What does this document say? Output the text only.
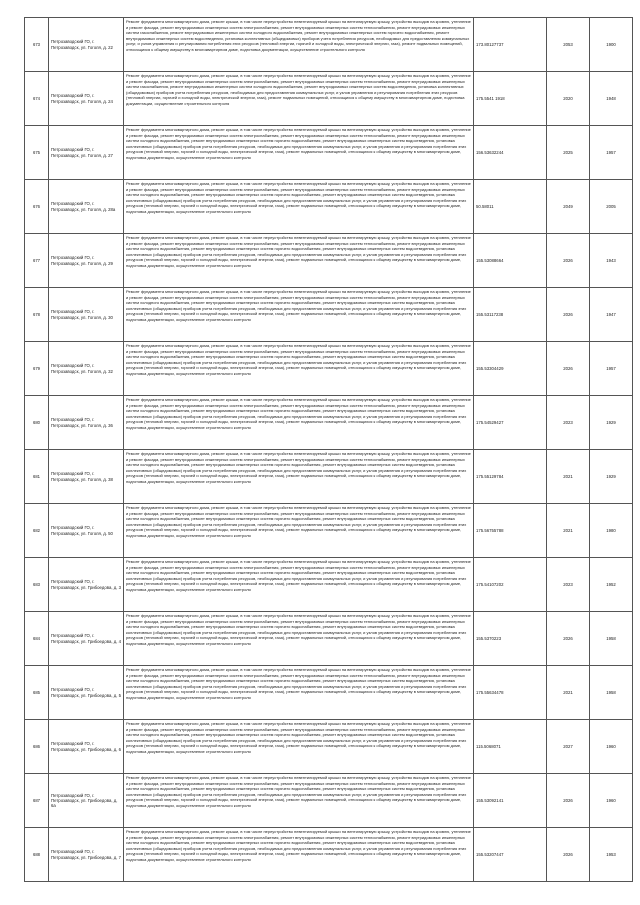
673	Петрозаводский ГО, г. Петрозаводск, ул. Гоголя, д. 22	Ремонт фундамента многоквартирного дома, ремонт крыши, в том числе переустройство невентилируемой крыши на вентилируемую крышу, устройство выходов на кровлю, утепление и ремонт фасада, ремонт внутридомовых инженерных систем электроснабжения, ремонт внутридомовых инженерных систем теплоснабжения, ремонт внутридомовых инженерных систем газоснабжения, ремонт внутридомовых инженерных систем холодного водоснабжения, ремонт внутридомовых инженерных систем горячего водоснабжения, ремонт внутридомовых инженерных систем водоотведения, установка коллективных (общедомовых) приборов учета потребления ресурсов, необходимых для предоставления коммунальных услуг, и узлов управления и регулирования потребления этих ресурсов (тепловой энергии, горячей и холодной воды, электрической энергии, газа), ремонт подвальных помещений, относящихся к общему имуществу в многоквартирном доме, подготовка документации, осуществление строительного контроля	173.80127737	2053	1900
674	Петрозаводский ГО, г. Петрозаводск, ул. Гоголя, д. 24	Ремонт фундамента многоквартирного дома, ремонт крыши, в том числе переустройство невентилируемой крыши на вентилируемую крышу, устройство выходов на кровлю, утепление и ремонт фасада, ремонт внутридомовых инженерных систем электроснабжения, ремонт внутридомовых инженерных систем теплоснабжения, ремонт внутридомовых инженерных систем газоснабжения, ремонт внутридомовых инженерных систем холодного водоснабжения, ремонт внутридомовых инженерных систем водоотведения, установка коллективных (общедомовых) приборов учета потребления ресурсов, необходимых для предоставления коммунальных услуг, и узлов управления и регулирования потребления этих ресурсов (тепловой энергии, горячей и холодной воды, электрической энергии, газа), ремонт подвальных помещений, относящихся к общему имуществу в многоквартирном доме, подготовка документации, осуществление строительного контроля	175.5541 1918	2020	1948
675	Петрозаводский ГО, г. Петрозаводск, ул. Гоголя, д. 27	Ремонт фундамента многоквартирного дома, ремонт крыши, в том числе переустройство невентилируемой крыши на вентилируемую крышу, устройство выходов на кровлю, утепление и ремонт фасада, ремонт внутридомовых инженерных систем электроснабжения, ремонт внутридомовых инженерных систем теплоснабжения, ремонт внутридомовых инженерных систем холодного водоснабжения, ремонт внутридомовых инженерных систем горячего водоснабжения, ремонт внутридомовых инженерных систем водоотведения, установка коллективных (общедомовых) приборов учета потребления ресурсов, необходимых для предоставления коммунальных услуг, и узлов управления и регулирования потребления этих ресурсов (тепловой энергии, горячей и холодной воды, электрической энергии, газа), ремонт подвальных помещений, относящихся к общему имуществу в многоквартирном доме, подготовка документации, осуществление строительного контроля	156.53632244	2025	1957
676	Петрозаводский ГО, г. Петрозаводск, ул. Гоголя, д. 28а	Ремонт фундамента многоквартирного дома, ремонт крыши, в том числе переустройство невентилируемой крыши на вентилируемую крышу, устройство выходов на кровлю, утепление и ремонт фасада, ремонт внутридомовых инженерных систем электроснабжения, ремонт внутридомовых инженерных систем теплоснабжения, ремонт внутридомовых инженерных систем холодного водоснабжения, ремонт внутридомовых инженерных систем горячего водоснабжения, ремонт внутридомовых инженерных систем водоотведения, установка коллективных (общедомовых) приборов учета потребления ресурсов, необходимых для предоставления коммунальных услуг, и узлов управления и регулирования потребления этих ресурсов (тепловой энергии, горячей и холодной воды, электрической энергии, газа), ремонт подвальных помещений, относящихся к общему имуществу в многоквартирном доме, подготовка документации, осуществление строительного контроля	50.58011	2049	2005
677	Петрозаводский ГО, г. Петрозаводск, ул. Гоголя, д. 29	Ремонт фундамента многоквартирного дома, ремонт крыши, в том числе переустройство невентилируемой крыши на вентилируемую крышу, устройство выходов на кровлю, утепление и ремонт фасада, ремонт внутридомовых инженерных систем электроснабжения, ремонт внутридомовых инженерных систем теплоснабжения, ремонт внутридомовых инженерных систем холодного водоснабжения, ремонт внутридомовых инженерных систем горячего водоснабжения, ремонт внутридомовых инженерных систем водоотведения, установка коллективных (общедомовых) приборов учета потребления ресурсов, необходимых для предоставления коммунальных услуг, и узлов управления и регулирования потребления этих ресурсов (тепловой энергии, горячей и холодной воды, электрической энергии, газа), ремонт подвальных помещений, относящихся к общему имуществу в многоквартирном доме, подготовка документации, осуществление строительного контроля	155.53088664	2026	1943
678	Петрозаводский ГО, г. Петрозаводск, ул. Гоголя, д. 30	Ремонт фундамента многоквартирного дома, ремонт крыши, в том числе переустройство невентилируемой крыши на вентилируемую крышу, устройство выходов на кровлю, утепление и ремонт фасада, ремонт внутридомовых инженерных систем электроснабжения, ремонт внутридомовых инженерных систем теплоснабжения, ремонт внутридомовых инженерных систем холодного водоснабжения, ремонт внутридомовых инженерных систем горячего водоснабжения, ремонт внутридомовых инженерных систем водоотведения, установка коллективных (общедомовых) приборов учета потребления ресурсов, необходимых для предоставления коммунальных услуг, и узлов управления и регулирования потребления этих ресурсов (тепловой энергии, горячей и холодной воды, электрической энергии, газа), ремонт подвальных помещений, относящихся к общему имуществу в многоквартирном доме, подготовка документации, осуществление строительного контроля	155.53117238	2026	1947
679	Петрозаводский ГО, г. Петрозаводск, ул. Гоголя, д. 32	Ремонт фундамента многоквартирного дома, ремонт крыши, в том числе переустройство невентилируемой крыши на вентилируемую крышу, устройство выходов на кровлю, утепление и ремонт фасада, ремонт внутридомовых инженерных систем электроснабжения, ремонт внутридомовых инженерных систем теплоснабжения, ремонт внутридомовых инженерных систем холодного водоснабжения, ремонт внутридомовых инженерных систем горячего водоснабжения, ремонт внутридомовых инженерных систем водоотведения, установка коллективных (общедомовых) приборов учета потребления ресурсов, необходимых для предоставления коммунальных услуг, и узлов управления и регулирования потребления этих ресурсов (тепловой энергии, горячей и холодной воды, электрической энергии, газа), ремонт подвальных помещений, относящихся к общему имуществу в многоквартирном доме, подготовка документации, осуществление строительного контроля	155.53304429	2026	1957
680	Петрозаводский ГО, г. Петрозаводск, ул. Гоголя, д. 36	Ремонт фундамента многоквартирного дома, ремонт крыши, в том числе переустройство невентилируемой крыши на вентилируемую крышу, устройство выходов на кровлю, утепление и ремонт фасада, ремонт внутридомовых инженерных систем электроснабжения, ремонт внутридомовых инженерных систем теплоснабжения, ремонт внутридомовых инженерных систем холодного водоснабжения, ремонт внутридомовых инженерных систем горячего водоснабжения, ремонт внутридомовых инженерных систем водоотведения, установка коллективных (общедомовых) приборов учета потребления ресурсов, необходимых для предоставления коммунальных услуг, и узлов управления и регулирования потребления этих ресурсов (тепловой энергии, горячей и холодной воды, электрической энергии, газа), ремонт подвальных помещений, относящихся к общему имуществу в многоквартирном доме, подготовка документации, осуществление строительного контроля	175.54529427	2023	1929
681	Петрозаводский ГО, г. Петрозаводск, ул. Гоголя, д. 38	Ремонт фундамента многоквартирного дома, ремонт крыши, в том числе переустройство невентилируемой крыши на вентилируемую крышу, устройство выходов на кровлю, утепление и ремонт фасада, ремонт внутридомовых инженерных систем электроснабжения, ремонт внутридомовых инженерных систем теплоснабжения, ремонт внутридомовых инженерных систем холодного водоснабжения, ремонт внутридомовых инженерных систем горячего водоснабжения, ремонт внутридомовых инженерных систем водоотведения, установка коллективных (общедомовых) приборов учета потребления ресурсов, необходимых для предоставления коммунальных услуг, и узлов управления и регулирования потребления этих ресурсов (тепловой энергии, горячей и холодной воды, электрической энергии, газа), ремонт подвальных помещений, относящихся к общему имуществу в многоквартирном доме, подготовка документации, осуществление строительного контроля	175.55129784	2021	1929
682	Петрозаводский ГО, г. Петрозаводск, ул. Гоголя, д. 50	Ремонт фундамента многоквартирного дома, ремонт крыши, в том числе переустройство невентилируемой крыши на вентилируемую крышу, устройство выходов на кровлю, утепление и ремонт фасада, ремонт внутридомовых инженерных систем электроснабжения, ремонт внутридомовых инженерных систем теплоснабжения, ремонт внутридомовых инженерных систем холодного водоснабжения, ремонт внутридомовых инженерных систем горячего водоснабжения, ремонт внутридомовых инженерных систем водоотведения, установка коллективных (общедомовых) приборов учета потребления ресурсов, необходимых для предоставления коммунальных услуг, и узлов управления и регулирования потребления этих ресурсов (тепловой энергии, горячей и холодной воды, электрической энергии, газа), ремонт подвальных помещений, относящихся к общему имуществу в многоквартирном доме, подготовка документации, осуществление строительного контроля	175.56755788	2021	1980
683	Петрозаводский ГО, г. Петрозаводск, ул. Грибоедова, д. 3	Ремонт фундамента многоквартирного дома, ремонт крыши, в том числе переустройство невентилируемой крыши на вентилируемую крышу, устройство выходов на кровлю, утепление и ремонт фасада, ремонт внутридомовых инженерных систем электроснабжения, ремонт внутридомовых инженерных систем теплоснабжения, ремонт внутридомовых инженерных систем холодного водоснабжения, ремонт внутридомовых инженерных систем горячего водоснабжения, ремонт внутридомовых инженерных систем водоотведения, установка коллективных (общедомовых) приборов учета потребления ресурсов, необходимых для предоставления коммунальных услуг, и узлов управления и регулирования потребления этих ресурсов (тепловой энергии, горячей и холодной воды, электрической энергии, газа), ремонт подвальных помещений, относящихся к общему имуществу в многоквартирном доме, подготовка документации, осуществление строительного контроля	175.54107202	2023	1952
684	Петрозаводский ГО, г. Петрозаводск, ул. Грибоедова, д. 4	Ремонт фундамента многоквартирного дома, ремонт крыши, в том числе переустройство невентилируемой крыши на вентилируемую крышу, устройство выходов на кровлю, утепление и ремонт фасада, ремонт внутридомовых инженерных систем электроснабжения, ремонт внутридомовых инженерных систем теплоснабжения, ремонт внутридомовых инженерных систем холодного водоснабжения, ремонт внутридомовых инженерных систем горячего водоснабжения, ремонт внутридомовых инженерных систем водоотведения, установка коллективных (общедомовых) приборов учета потребления ресурсов, необходимых для предоставления коммунальных услуг, и узлов управления и регулирования потребления этих ресурсов (тепловой энергии, горячей и холодной воды, электрической энергии, газа), ремонт подвальных помещений, относящихся к общему имуществу в многоквартирном доме, подготовка документации, осуществление строительного контроля	155.5370223	2026	1958
685	Петрозаводский ГО, г. Петрозаводск, ул. Грибоедова, д. 5	Ремонт фундамента многоквартирного дома, ремонт крыши, в том числе переустройство невентилируемой крыши на вентилируемую крышу, устройство выходов на кровлю, утепление и ремонт фасада, ремонт внутридомовых инженерных систем электроснабжения, ремонт внутридомовых инженерных систем теплоснабжения, ремонт внутридомовых инженерных систем холодного водоснабжения, ремонт внутридомовых инженерных систем горячего водоснабжения, ремонт внутридомовых инженерных систем водоотведения, установка коллективных (общедомовых) приборов учета потребления ресурсов, необходимых для предоставления коммунальных услуг, и узлов управления и регулирования потребления этих ресурсов (тепловой энергии, горячей и холодной воды, электрической энергии, газа), ремонт подвальных помещений, относящихся к общему имуществу в многоквартирном доме, подготовка документации, осуществление строительного контроля	175.55634478	2021	1958
686	Петрозаводский ГО, г. Петрозаводск, ул. Грибоедова, д. 6	Ремонт фундамента многоквартирного дома, ремонт крыши, в том числе переустройство невентилируемой крыши на вентилируемую крышу, устройство выходов на кровлю, утепление и ремонт фасада, ремонт внутридомовых инженерных систем электроснабжения, ремонт внутридомовых инженерных систем теплоснабжения, ремонт внутридомовых инженерных систем холодного водоснабжения, ремонт внутридомовых инженерных систем горячего водоснабжения, ремонт внутридомовых инженерных систем водоотведения, установка коллективных (общедомовых) приборов учета потребления ресурсов, необходимых для предоставления коммунальных услуг, и узлов управления и регулирования потребления этих ресурсов (тепловой энергии, горячей и холодной воды, электрической энергии, газа), ремонт подвальных помещений, относящихся к общему имуществу в многоквартирном доме, подготовка документации, осуществление строительного контроля	115.5068071	2027	1960
687	Петрозаводский ГО, г. Петрозаводск, ул. Грибоедова, д. 6а	Ремонт фундамента многоквартирного дома, ремонт крыши, в том числе переустройство невентилируемой крыши на вентилируемую крышу, устройство выходов на кровлю, утепление и ремонт фасада, ремонт внутридомовых инженерных систем электроснабжения, ремонт внутридомовых инженерных систем теплоснабжения, ремонт внутридомовых инженерных систем холодного водоснабжения, ремонт внутридомовых инженерных систем горячего водоснабжения, ремонт внутридомовых инженерных систем водоотведения, установка коллективных (общедомовых) приборов учета потребления ресурсов, необходимых для предоставления коммунальных услуг, и узлов управления и регулирования потребления этих ресурсов (тепловой энергии, горячей и холодной воды, электрической энергии, газа), ремонт подвальных помещений, относящихся к общему имуществу в многоквартирном доме, подготовка документации, осуществление строительного контроля	155.53092141	2026	1960
688	Петрозаводский ГО, г. Петрозаводск, ул. Грибоедова, д. 7	Ремонт фундамента многоквартирного дома, ремонт крыши, в том числе переустройство невентилируемой крыши на вентилируемую крышу, устройство выходов на кровлю, утепление и ремонт фасада, ремонт внутридомовых инженерных систем электроснабжения, ремонт внутридомовых инженерных систем теплоснабжения, ремонт внутридомовых инженерных систем холодного водоснабжения, ремонт внутридомовых инженерных систем горячего водоснабжения, ремонт внутридомовых инженерных систем водоотведения, установка коллективных (общедомовых) приборов учета потребления ресурсов, необходимых для предоставления коммунальных услуг, и узлов управления и регулирования потребления этих ресурсов (тепловой энергии, горячей и холодной воды, электрической энергии, газа), ремонт подвальных помещений, относящихся к общему имуществу в многоквартирном доме, подготовка документации, осуществление строительного контроля	155.53207447	2026	1953
